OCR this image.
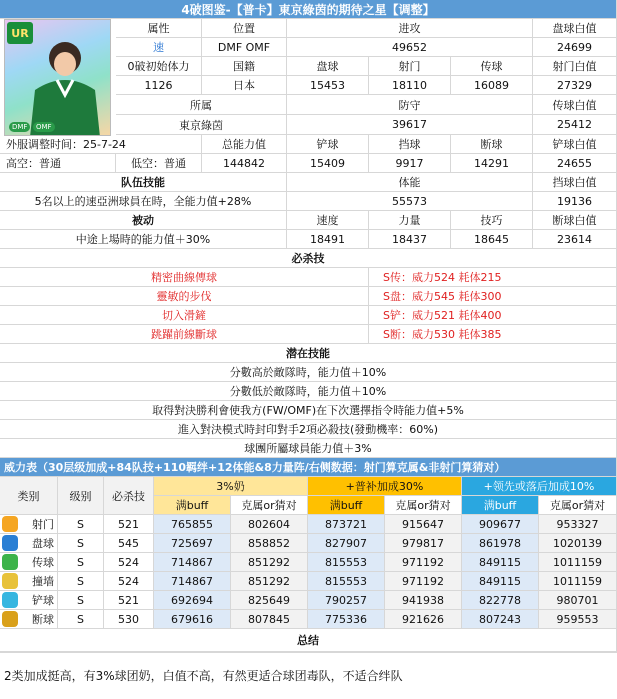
4破图鉴-【普卡】東京綠茵的期待之星【调整】
UR
DMF	OMF
属性	位置	进攻	盘球白值
速	DMF OMF	49652	24699
0破初始体力	国籍	盘球	射门	传球	射门白值
1126	日本	15453	18110	16089	27329
所属	防守	传球白值
東京綠茵	39617	25412
外服调整时间：25-7-24	总能力值	铲球	挡球	断球	铲球白值
高空：普通	低空：普通	144842	15409	9917	14291	24655
队伍技能	体能	挡球白值
5名以上的速亞洲球員在時，全能力值+28%	55573	19136
被动	速度	力量	技巧	断球白值
中途上場時的能力值＋30%	18491	18437	18645	23614
必杀技
精密曲線傳球	S传：威力524 耗体215
靈敏的步伐	S盘：威力545 耗体300
切入滑鏟	S铲：威力521 耗体400
跳躍前線斷球	S断：威力530 耗体385
潜在技能
分數高於敵隊時，能力值＋10%
分數低於敵隊時，能力值＋10%
取得對決勝利會使我方(FW/OMF)在下次選擇指令時能力值+5%
進入對決模式時封印對手2項必殺技(發動機率：60%)
球團所屬球員能力值＋3%
威力表（30层级加成+84队技+110羁绊+12体能&8力量阵/右侧数据：射门算克属&非射门算猜对）
类别	级别	必杀技
3%奶	+普补加成30%	+领先或落后加成10%
满buff	克属or猜对	满buff	克属or猜对	满buff	克属or猜对
射门	S	521	765855	802604	873721	915647	909677	953327
盘球	S	545	725697	858852	827907	979817	861978	1020139
传球	S	524	714867	851292	815553	971192	849115	1011159
撞墙	S	524	714867	851292	815553	971192	849115	1011159
铲球	S	521	692694	825649	790257	941938	822778	980701
断球	S	530	679616	807845	775336	921626	807243	959553
总结
2类加成挺高，有3%球团奶，白值不高，有然更适合球团毒队，不适合绊队
